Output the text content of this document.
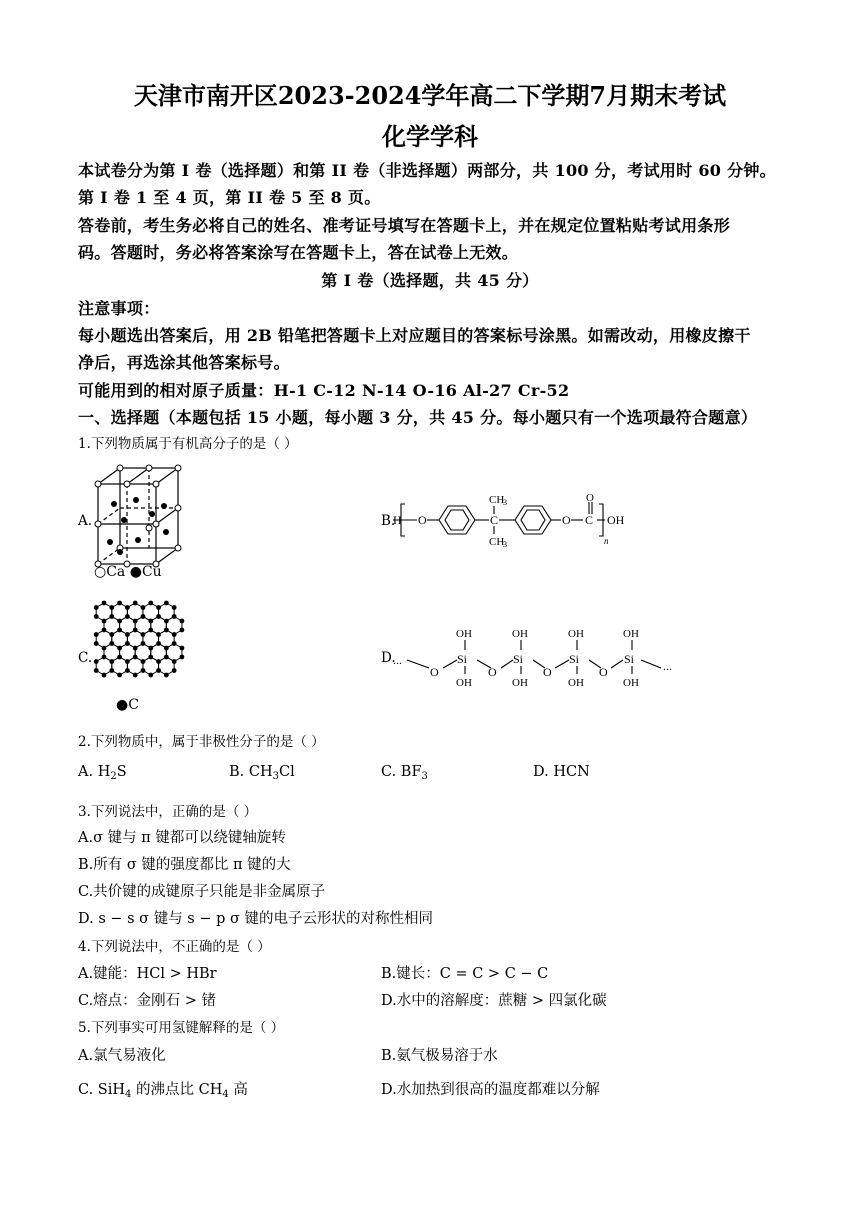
天津市南开区2023-2024学年高二下学期7月期末考试
化学学科
本试卷分为第 I 卷（选择题）和第 II 卷（非选择题）两部分，共 100 分，考试用时 60 分钟。
第 I 卷 1 至 4 页，第 II 卷 5 至 8 页。
答卷前，考生务必将自己的姓名、准考证号填写在答题卡上，并在规定位置粘贴考试用条形
码。答题时，务必将答案涂写在答题卡上，答在试卷上无效。
第 I 卷（选择题，共 45 分）
注意事项：
每小题选出答案后，用 2B 铅笔把答题卡上对应题目的答案标号涂黑。如需改动，用橡皮擦干
净后，再选涂其他答案标号。
可能用到的相对原子质量：H-1 C-12 N-14 O-16 Al-27 Cr-52
一、选择题（本题包括 15 小题，每小题 3 分，共 45 分。每小题只有一个选项最符合题意）
1.下列物质属于有机高分子的是（ ）
A.
○Ca ●Cu
B.
H O	C
CH
3
CH
3
O C
O
OH
n
C.
●C
D.
...	...
O	O	O	O
Si	Si	Si	Si
OH	OH	OH	OH
OH	OH	OH	OH
2.下列物质中，属于非极性分子的是（ ）
A. $H_2S$	B. $CH_3Cl$	C. $BF_3$	D. HCN
3.下列说法中，正确的是（ ）
A.σ 键与 π 键都可以绕键轴旋转
B.所有 σ 键的强度都比 π 键的大
C.共价键的成键原子只能是非金属原子
D. s − s σ 键与 s − p σ 键的电子云形状的对称性相同
4.下列说法中，不正确的是（ ）
A.键能：HCl > HBr	B.键长：C = C > C − C
C.熔点：金刚石 > 锗	D.水中的溶解度：蔗糖 > 四氯化碳
5.下列事实可用氢键解释的是（ ）
A.氯气易液化	B.氨气极易溶于水
C. SiH$_4$ 的沸点比 $CH_4$ 高	D.水加热到很高的温度都难以分解
